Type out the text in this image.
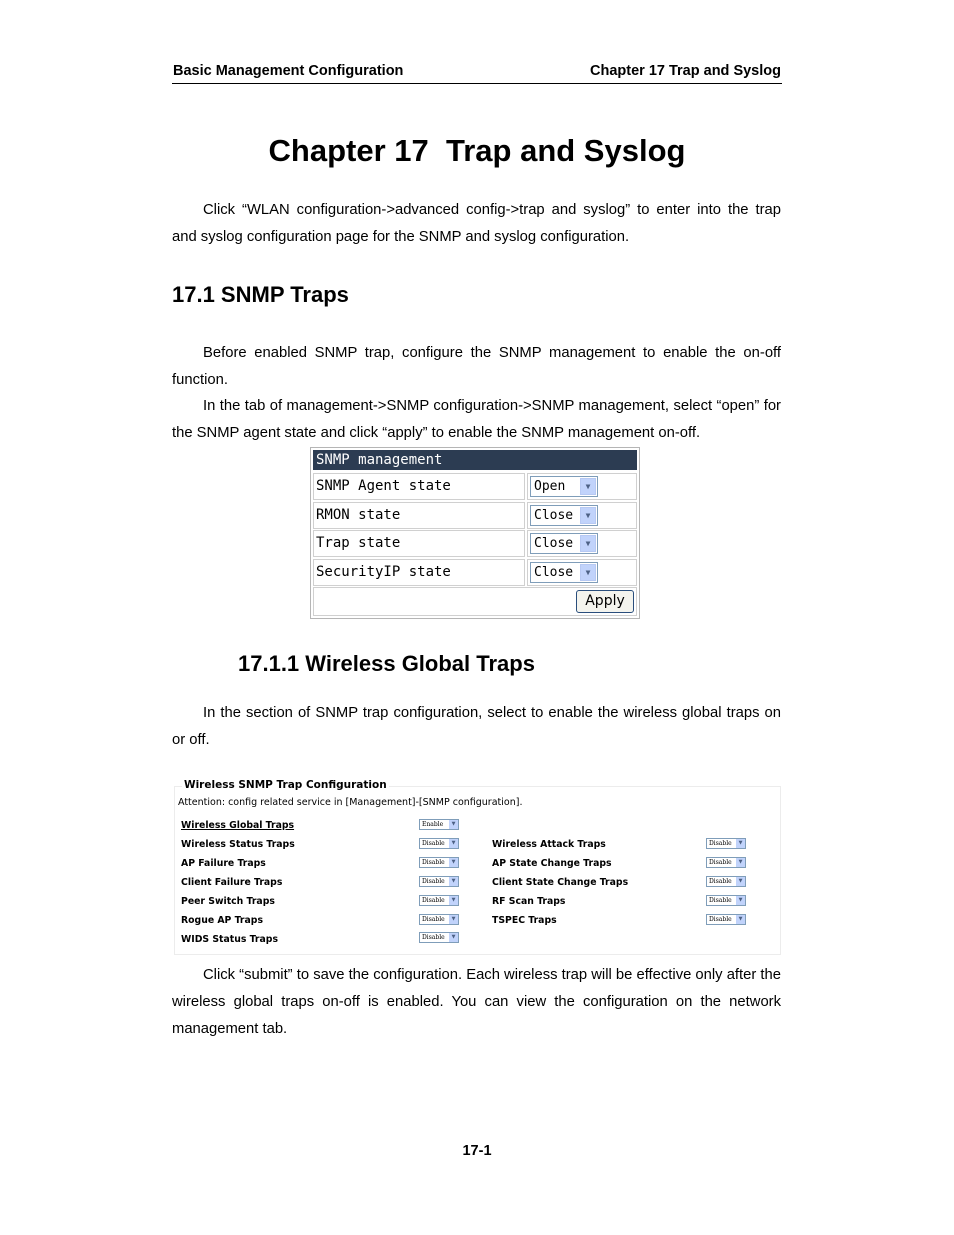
Basic Management Configuration	Chapter 17 Trap and Syslog
Chapter 17  Trap and Syslog

Click “WLAN configuration->advanced config->trap and syslog” to enter into the trap and syslog configuration page for the SNMP and syslog configuration.

17.1 SNMP Traps

Before enabled SNMP trap, configure the SNMP management to enable the on-off function.

In the tab of management->SNMP configuration->SNMP management, select “open” for the SNMP agent state and click “apply” to enable the SNMP management on-off.

SNMP management
SNMP Agent state	Open	▼
RMON state	Close	▼
Trap state	Close	▼
SecurityIP state	Close	▼
Apply
17.1.1 Wireless Global Traps

In the section of SNMP trap configuration, select to enable the wireless global traps on or off.

Wireless SNMP Trap Configuration
Attention: config related service in [Management]-[SNMP configuration].
Wireless Global Traps	Enable	▼
Wireless Status Traps	Disable	▼
AP Failure Traps	Disable	▼
Client Failure Traps	Disable	▼
Peer Switch Traps	Disable	▼
Rogue AP Traps	Disable	▼
WIDS Status Traps	Disable	▼
Wireless Attack Traps	Disable	▼
AP State Change Traps	Disable	▼
Client State Change Traps	Disable	▼
RF Scan Traps	Disable	▼
TSPEC Traps	Disable	▼

Click “submit” to save the configuration. Each wireless trap will be effective only after the wireless global traps on-off is enabled. You can view the configuration on the network management tab.

17-1
